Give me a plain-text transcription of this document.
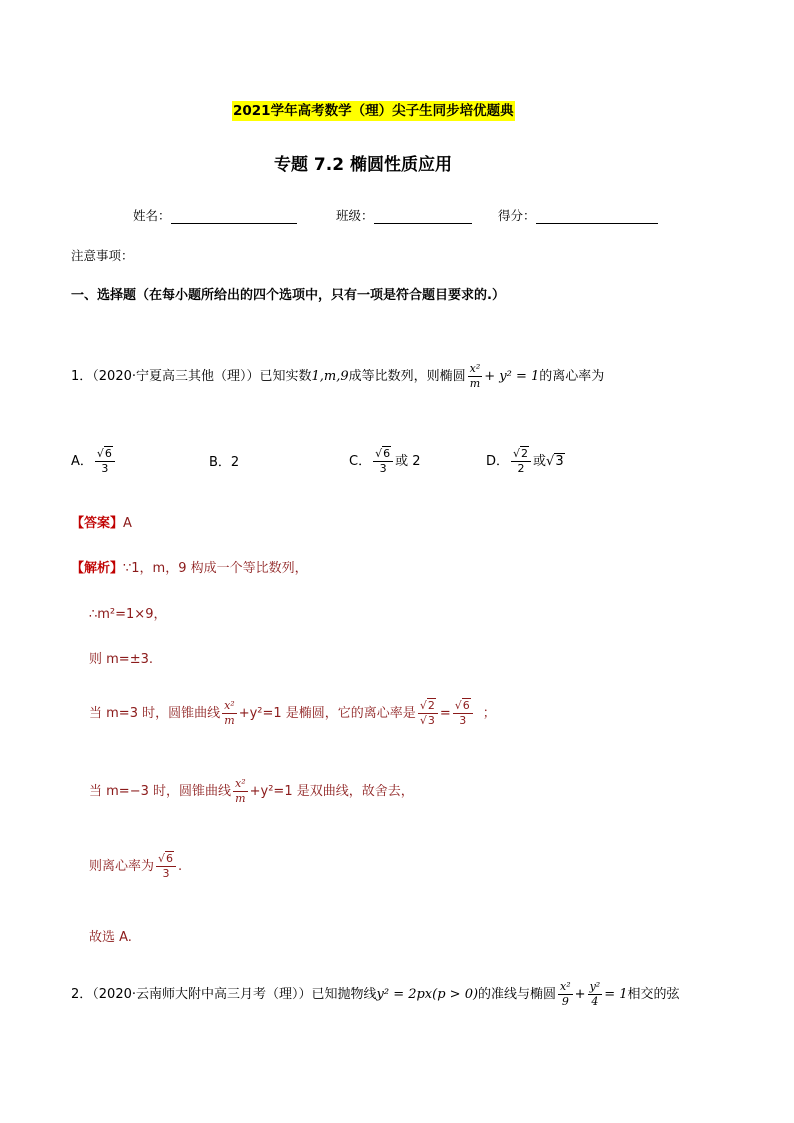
2021学年高考数学（理）尖子生同步培优题典
专题 7.2 椭圆性质应用
姓名：	班级：	得分：
注意事项：
一、选择题（在每小题所给出的四个选项中，只有一项是符合题目要求的.）
1．（2020·宁夏高三其他（理））已知实数1,m,9成等比数列，则椭圆 $\frac{\text{x²}}{m} + y^2 = 1$的离心率为
A． $\frac{√6}{3}$	B．2	C． $\frac{√6}{3}$ 或 2	D． $\frac{√2}{2}$ 或√3
【答案】A
【解析】∵1，m，9 构成一个等比数列，
∴m²=1×9，
则 m=±3.
当 m=3 时，圆锥曲线 $\frac{\text{x²}}{m} +y^2=1$ 是椭圆，它的离心率是 $\frac{√2}{√3} = \frac{√6}{3}$ ；
当 m=−3 时，圆锥曲线 $\frac{\text{x²}}{m} +y^2=1$ 是双曲线，故舍去，
则离心率为 $\frac{√6}{3}$ .
故选 A.
2．（2020·云南师大附中高三月考（理））已知抛物线y² = 2px(p > 0)的准线与椭圆 $\frac{\text{x²}}{9} + \frac{\text{y²}}{4} = 1$相交的弦
